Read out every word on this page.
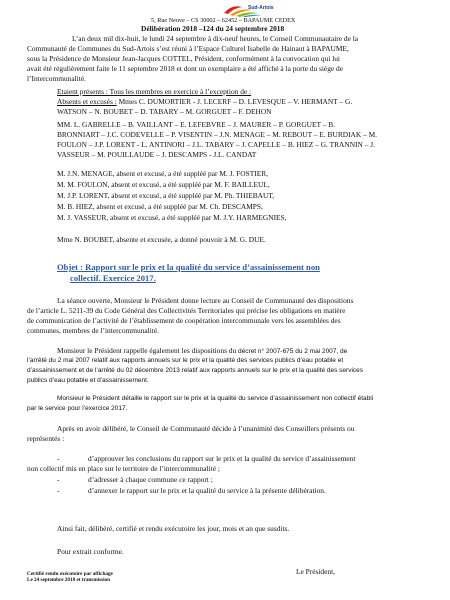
Sud-Artois
5, Rue Neuve – CS 30002 – 62452 – BAPAUME CEDEX
Délibération 2018 –124 du 24 septembre 2018
L’an deux mil dix-huit, le lundi 24 septembre à dix-neuf heures, le Conseil Communautaire de la
Communauté de Communes du Sud-Artois s’est réuni à l’Espace Culturel Isabelle de Hainaut à BAPAUME,
sous la Présidence de Monsieur Jean-Jacques COTTEL, Président, conformément à la convocation qui lui
avait été régulièrement faite le 11 septembre 2018 et dont un exemplaire a été affiché à la porte du siège de
l’Intercommunalité.
Etaient présents : Tous les membres en exercice à l’exception de :
Absents et excusés : Mmes C. DUMORTIER - J. LECERF – D. LEVESQUE – V. HERMANT – G.
WATSON – N. BOUBET – D. TABARY – M. GORGUET – F. DEHON
MM. L. GABRELLE – B. VAILLANT – E. LEFEBVRE – J. MAURER – P. GORGUET – B.
BRONNIART – J.C. CODEVELLE – P. VISENTIN – J.N. MENAGE – M. REBOUT – E. BURDIAK – M.
FOULON – J.P. LORENT - L. ANTINORI – J.L. TABARY – J. CAPELLE – B. HIEZ – G. TRANNIN – J.
VASSEUR – M. POUILLAUDE – J. DESCAMPS - J.L. CANDAT
M. J.N. MENAGE, absent et excusé, a été suppléé par M. J. FOSTIER,
M. M. FOULON, absent et excusé, a été suppléé par M. F. BAILLEUL,
M. J.P. LORENT, absent et excusé, a été suppléé par M. Ph. THIEBAUT,
M. B. HIEZ, absent et excusé, a été suppléé par M. Ch. DESCAMPS,
M. J. VASSEUR, absent et excusé, a été suppléé par M. J.Y. HARMEGNIES,
Mme N. BOUBET, absente et excusée, a donné pouvoir à M. G. DUE.
Objet : Rapport sur le prix et la qualité du service d’assainissement non
collectif. Exercice 2017.
La séance ouverte, Monsieur le Président donne lecture au Conseil de Communauté des dispositions
de l’article L. 5211-39 du Code Général des Collectivités Territoriales qui précise les obligations en matière
de communication de l’activité de l’établissement de coopération intercommunale vers les assemblées des
communes, membres de l’intercommunalité.
Monsieur le Président rappelle également les dispositions du décret n° 2007-675 du 2 mai 2007, de
l’arrêté du 2 mai 2007 relatif aux rapports annuels sur le prix et la qualité des services publics d’eau potable et
d’assainissement et de l’arrêté du 02 décembre 2013 relatif aux rapports annuels sur le prix et la qualité des services
publics d’eau potable et d’assainissement.
Monsieur le Président détaille le rapport sur le prix et la qualité du service d’assainissement non collectif établi
par le service pour l’exercice 2017.
Après en avoir délibéré, le Conseil de Communauté décide à l’unanimité des Conseillers présents ou
représentés :
-	d’approuver les conclusions du rapport sur le prix et la qualité du service d’assainissement
non collectif mis en place sur le territoire de l’intercommunalité ;
-	d’adresser à chaque commune ce rapport ;
-	d’annexer le rapport sur le prix et la qualité du service à la présente délibération.
Ainsi fait, délibéré, certifié et rendu exécutoire les jour, mois et an que susdits.
Pour extrait conforme.
Certifié rendu exécutoire par affichage
Le 24 septembre 2018 et transmission
Le Président,
